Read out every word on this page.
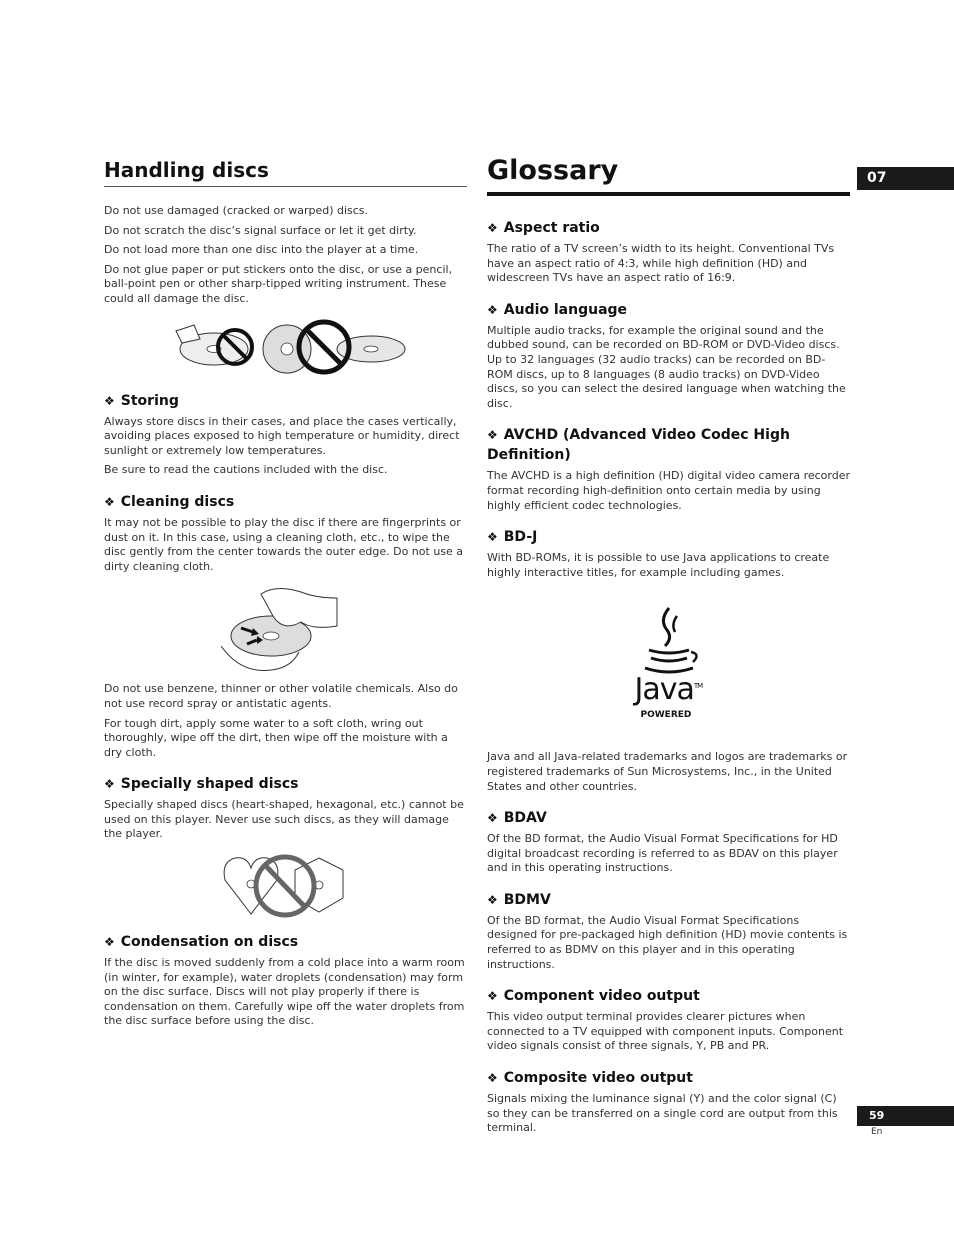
Handling discs

Do not use damaged (cracked or warped) discs.

Do not scratch the disc’s signal surface or let it get dirty.

Do not load more than one disc into the player at a time.

Do not glue paper or put stickers onto the disc, or use a pencil, ball-point pen or other sharp-tipped writing instrument. These could all damage the disc.

❖ Storing

Always store discs in their cases, and place the cases vertically, avoiding places exposed to high temperature or humidity, direct sunlight or extremely low temperatures.

Be sure to read the cautions included with the disc.

❖ Cleaning discs

It may not be possible to play the disc if there are fingerprints or dust on it. In this case, using a cleaning cloth, etc., to wipe the disc gently from the center towards the outer edge. Do not use a dirty cleaning cloth.

Do not use benzene, thinner or other volatile chemicals. Also do not use record spray or antistatic agents.

For tough dirt, apply some water to a soft cloth, wring out thoroughly, wipe off the dirt, then wipe off the moisture with a dry cloth.

❖ Specially shaped discs

Specially shaped discs (heart-shaped, hexagonal, etc.) cannot be used on this player. Never use such discs, as they will damage the player.

❖ Condensation on discs

If the disc is moved suddenly from a cold place into a warm room (in winter, for example), water droplets (condensation) may form on the disc surface. Discs will not play properly if there is condensation on them. Carefully wipe off the water droplets from the disc surface before using the disc.

Glossary
❖ Aspect ratio

The ratio of a TV screen’s width to its height. Conventional TVs have an aspect ratio of 4:3, while high definition (HD) and widescreen TVs have an aspect ratio of 16:9.

❖ Audio language

Multiple audio tracks, for example the original sound and the dubbed sound, can be recorded on BD-ROM or DVD-Video discs. Up to 32 languages (32 audio tracks) can be recorded on BD-ROM discs, up to 8 languages (8 audio tracks) on DVD-Video discs, so you can select the desired language when watching the disc.

❖ AVCHD (Advanced Video Codec High Definition)

The AVCHD is a high definition (HD) digital video camera recorder format recording high-definition onto certain media by using highly efficient codec technologies.

❖ BD-J

With BD-ROMs, it is possible to use Java applications to create highly interactive titles, for example including games.

Java™
POWERED

Java and all Java-related trademarks and logos are trademarks or registered trademarks of Sun Microsystems, Inc., in the United States and other countries.

❖ BDAV

Of the BD format, the Audio Visual Format Specifications for HD digital broadcast recording is referred to as BDAV on this player and in this operating instructions.

❖ BDMV

Of the BD format, the Audio Visual Format Specifications designed for pre-packaged high definition (HD) movie contents is referred to as BDMV on this player and in this operating instructions.

❖ Component video output

This video output terminal provides clearer pictures when connected to a TV equipped with component inputs. Component video signals consist of three signals, Y, PB and PR.

❖ Composite video output

Signals mixing the luminance signal (Y) and the color signal (C) so they can be transferred on a single cord are output from this terminal.

07
59
En
